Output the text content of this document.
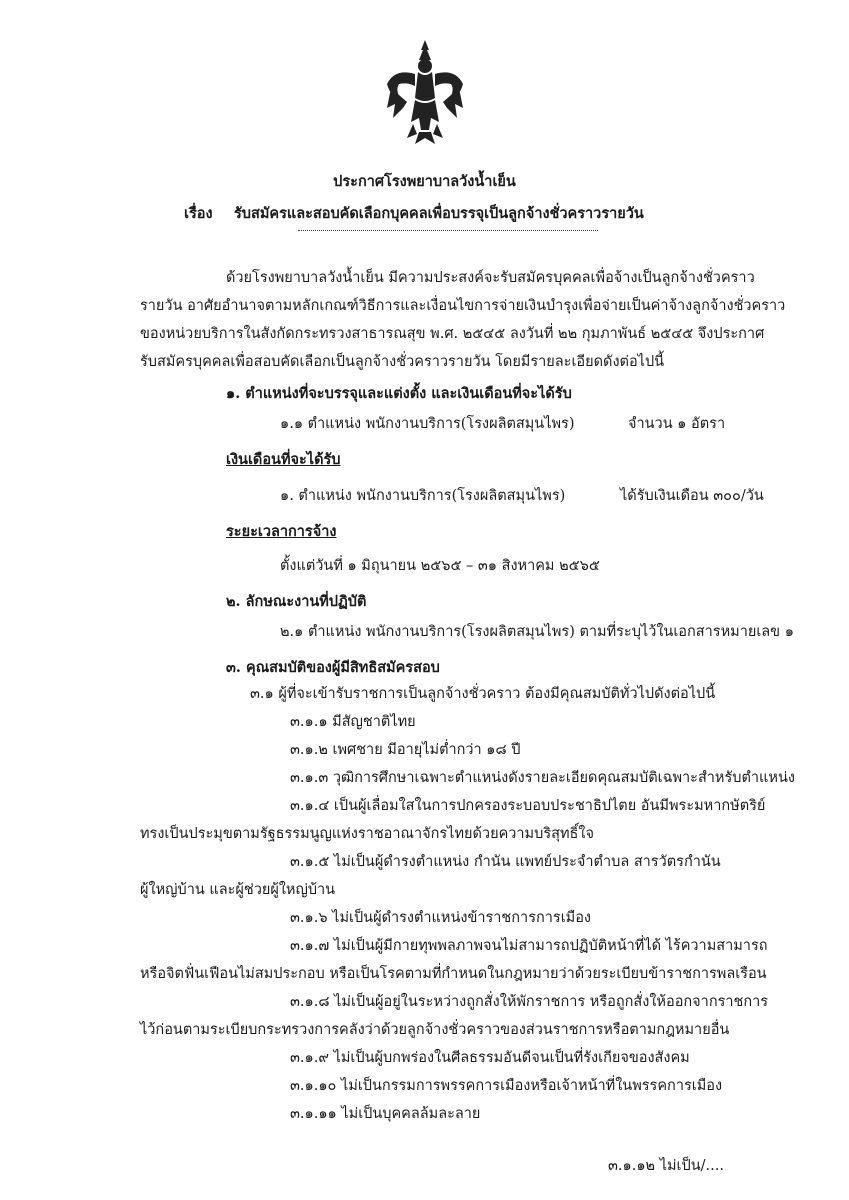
ประกาศโรงพยาบาลวังน้ำเย็น
เรื่อง รับสมัครและสอบคัดเลือกบุคคลเพื่อบรรจุเป็นลูกจ้างชั่วคราวรายวัน
ด้วยโรงพยาบาลวังน้ำเย็น มีความประสงค์จะรับสมัครบุคคลเพื่อจ้างเป็นลูกจ้างชั่วคราว
รายวัน อาศัยอำนาจตามหลักเกณฑ์วิธีการและเงื่อนไขการจ่ายเงินบำรุงเพื่อจ่ายเป็นค่าจ้างลูกจ้างชั่วคราว
ของหน่วยบริการในสังกัดกระทรวงสาธารณสุข พ.ศ. ๒๕๔๕ ลงวันที่ ๒๒ กุมภาพันธ์ ๒๕๔๕ จึงประกาศ
รับสมัครบุคคลเพื่อสอบคัดเลือกเป็นลูกจ้างชั่วคราวรายวัน โดยมีรายละเอียดดังต่อไปนี้
๑. ตำแหน่งที่จะบรรจุและแต่งตั้ง และเงินเดือนที่จะได้รับ
๑.๑ ตำแหน่ง พนักงานบริการ(โรงผลิตสมุนไพร)	จำนวน ๑ อัตรา
เงินเดือนที่จะได้รับ
๑. ตำแหน่ง พนักงานบริการ(โรงผลิตสมุนไพร)	ได้รับเงินเดือน ๓๐๐/วัน
ระยะเวลาการจ้าง
ตั้งแต่วันที่ ๑ มิถุนายน ๒๕๖๕ – ๓๑ สิงหาคม ๒๕๖๕
๒. ลักษณะงานที่ปฏิบัติ
๒.๑ ตำแหน่ง พนักงานบริการ(โรงผลิตสมุนไพร) ตามที่ระบุไว้ในเอกสารหมายเลข ๑
๓. คุณสมบัติของผู้มีสิทธิสมัครสอบ
๓.๑ ผู้ที่จะเข้ารับราชการเป็นลูกจ้างชั่วคราว ต้องมีคุณสมบัติทั่วไปดังต่อไปนี้
๓.๑.๑ มีสัญชาติไทย
๓.๑.๒ เพศชาย มีอายุไม่ต่ำกว่า ๑๘ ปี
๓.๑.๓ วุฒิการศึกษาเฉพาะตำแหน่งดังรายละเอียดคุณสมบัติเฉพาะสำหรับตำแหน่ง
๓.๑.๔ เป็นผู้เลื่อมใสในการปกครองระบอบประชาธิปไตย อันมีพระมหากษัตริย์
ทรงเป็นประมุขตามรัฐธรรมนูญแห่งราชอาณาจักรไทยด้วยความบริสุทธิ์ใจ
๓.๑.๕ ไม่เป็นผู้ดำรงตำแหน่ง กำนัน แพทย์ประจำตำบล สารวัตรกำนัน
ผู้ใหญ่บ้าน และผู้ช่วยผู้ใหญ่บ้าน
๓.๑.๖ ไม่เป็นผู้ดำรงตำแหน่งข้าราชการการเมือง
๓.๑.๗ ไม่เป็นผู้มีกายทุพพลภาพจนไม่สามารถปฏิบัติหน้าที่ได้ ไร้ความสามารถ
หรือจิตฟั่นเฟือนไม่สมประกอบ หรือเป็นโรคตามที่กำหนดในกฎหมายว่าด้วยระเบียบข้าราชการพลเรือน
๓.๑.๘ ไม่เป็นผู้อยู่ในระหว่างถูกสั่งให้พักราชการ หรือถูกสั่งให้ออกจากราชการ
ไว้ก่อนตามระเบียบกระทรวงการคลังว่าด้วยลูกจ้างชั่วคราวของส่วนราชการหรือตามกฎหมายอื่น
๓.๑.๙ ไม่เป็นผู้บกพร่องในศีลธรรมอันดีจนเป็นที่รังเกียจของสังคม
๓.๑.๑๐ ไม่เป็นกรรมการพรรคการเมืองหรือเจ้าหน้าที่ในพรรคการเมือง
๓.๑.๑๑ ไม่เป็นบุคคลล้มละลาย
๓.๑.๑๒ ไม่เป็น/....
